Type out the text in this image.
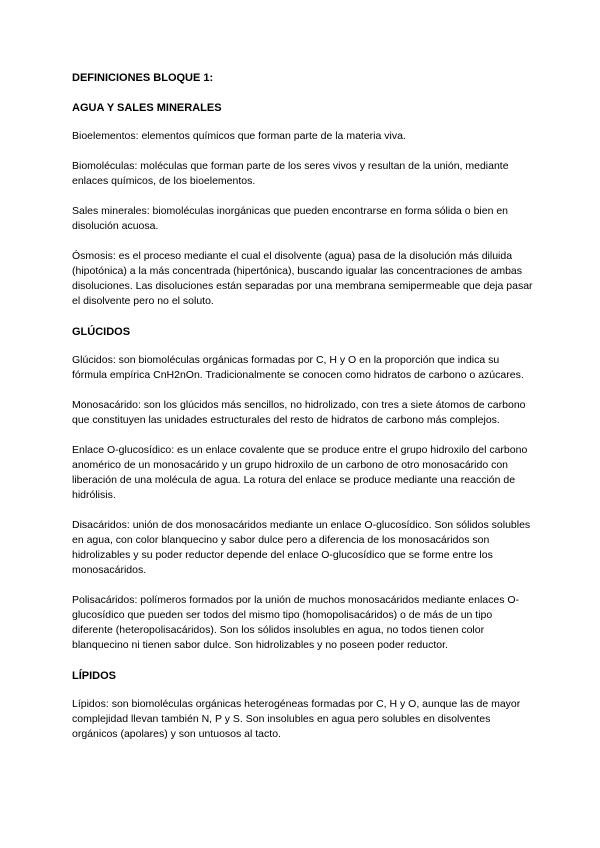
DEFINICIONES BLOQUE 1:
AGUA Y SALES MINERALES

Bioelementos: elementos químicos que forman parte de la materia viva.

Biomoléculas: moléculas que forman parte de los seres vivos y resultan de la unión, mediante enlaces químicos, de los bioelementos.

Sales minerales: biomoléculas inorgánicas que pueden encontrarse en forma sólida o bien en disolución acuosa.

Ósmosis: es el proceso mediante el cual el disolvente (agua) pasa de la disolución más diluida (hipotónica) a la más concentrada (hipertónica), buscando igualar las concentraciones de ambas disoluciones. Las disoluciones están separadas por una membrana semipermeable que deja pasar el disolvente pero no el soluto.

GLÚCIDOS

Glúcidos: son biomoléculas orgánicas formadas por C, H y O en la proporción que indica su fórmula empírica CnH2nOn. Tradicionalmente se conocen como hidratos de carbono o azúcares.

Monosacárido: son los glúcidos más sencillos, no hidrolizado, con tres a siete átomos de carbono que constituyen las unidades estructurales del resto de hidratos de carbono más complejos.

Enlace O-glucosídico: es un enlace covalente que se produce entre el grupo hidroxilo del carbono anomérico de un monosacárido y un grupo hidroxilo de un carbono de otro monosacárido con liberación de una molécula de agua. La rotura del enlace se produce mediante una reacción de hidrólisis.

Disacáridos: unión de dos monosacáridos mediante un enlace O-glucosídico. Son sólidos solubles en agua, con color blanquecino y sabor dulce pero a diferencia de los monosacáridos son hidrolizables y su poder reductor depende del enlace O-glucosídico que se forme entre los monosacáridos.

Polisacáridos: polímeros formados por la unión de muchos monosacáridos mediante enlaces O-glucosídico que pueden ser todos del mismo tipo (homopolisacáridos) o de más de un tipo diferente (heteropolisacáridos). Son los sólidos insolubles en agua, no todos tienen color blanquecino ni tienen sabor dulce. Son hidrolizables y no poseen poder reductor.

LÍPIDOS

Lípidos: son biomoléculas orgánicas heterogéneas formadas por C, H y O, aunque las de mayor complejidad llevan también N, P y S. Son insolubles en agua pero solubles en disolventes orgánicos (apolares) y son untuosos al tacto.
